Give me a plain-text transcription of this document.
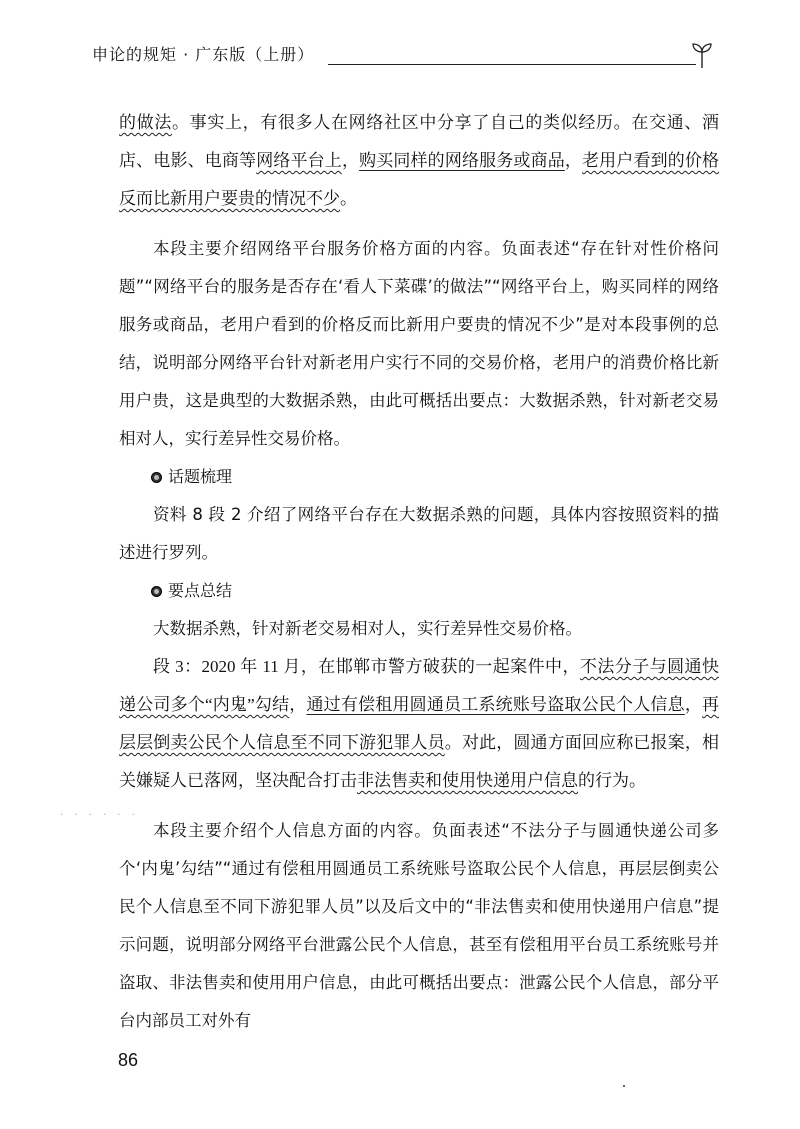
申论的规矩 · 广东版（上册）

的做法。事实上，有很多人在网络社区中分享了自己的类似经历。在交通、酒店、电影、电商等网络平台上，购买同样的网络服务或商品，老用户看到的价格反而比新用户要贵的情况不少。

本段主要介绍网络平台服务价格方面的内容。负面表述“存在针对性价格问题”“网络平台的服务是否存在‘看人下菜碟’的做法”“网络平台上，购买同样的网络服务或商品，老用户看到的价格反而比新用户要贵的情况不少”是对本段事例的总结，说明部分网络平台针对新老用户实行不同的交易价格，老用户的消费价格比新用户贵，这是典型的大数据杀熟，由此可概括出要点：大数据杀熟，针对新老交易相对人，实行差异性交易价格。

话题梳理

资料 8 段 2 介绍了网络平台存在大数据杀熟的问题，具体内容按照资料的描述进行罗列。

要点总结

大数据杀熟，针对新老交易相对人，实行差异性交易价格。

段 3：2020 年 11 月，在邯郸市警方破获的一起案件中，不法分子与圆通快递公司多个“内鬼”勾结，通过有偿租用圆通员工系统账号盗取公民个人信息，再层层倒卖公民个人信息至不同下游犯罪人员。对此，圆通方面回应称已报案，相关嫌疑人已落网，坚决配合打击非法售卖和使用快递用户信息的行为。

本段主要介绍个人信息方面的内容。负面表述“不法分子与圆通快递公司多个‘内鬼’勾结”“通过有偿租用圆通员工系统账号盗取公民个人信息，再层层倒卖公民个人信息至不同下游犯罪人员”以及后文中的“非法售卖和使用快递用户信息”提示问题，说明部分网络平台泄露公民个人信息，甚至有偿租用平台员工系统账号并盗取、非法售卖和使用用户信息，由此可概括出要点：泄露公民个人信息，部分平台内部员工对外有

· · · · · ·
86
